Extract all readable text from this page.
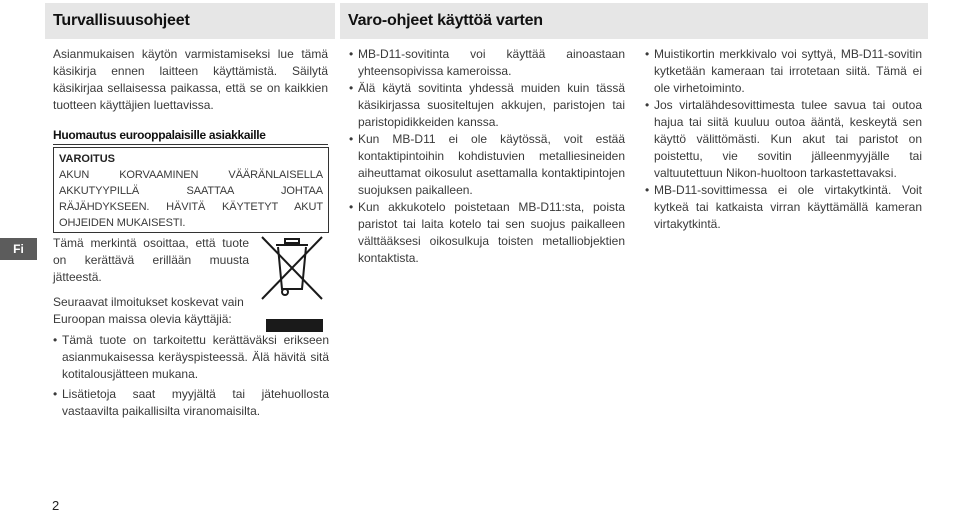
Turvallisuusohjeet	Varo-ohjeet käyttöä varten
Fi

Asianmukaisen käytön varmistamiseksi lue tämä käsikirja ennen laitteen käyttämistä. Säilytä käsikirjaa sellaisessa paikassa, että se on kaikkien tuotteen käyttäjien luettavissa.

Huomautus eurooppalaisille asiakkaille
VAROITUS
AKUN KORVAAMINEN VÄÄRÄNLAISELLA AKKUTYYPILLÄ SAATTAA JOHTAA RÄJÄHDYKSEEN. HÄVITÄ KÄYTETYT AKUT OHJEIDEN MUKAISESTI.

Tämä merkintä osoittaa, että tuote on kerättävä erillään muusta jätteestä.

Seuraavat ilmoitukset koskevat vain Euroopan maissa olevia käyttäjiä:

• Tämä tuote on tarkoitettu kerättäväksi erikseen asianmukaisessa keräyspisteessä. Älä hävitä sitä kotitalousjätteen mukana.
• Lisätietoja saat myyjältä tai jätehuollosta vastaavilta paikallisilta viranomaisilta.
• MB-D11-sovitinta voi käyttää ainoastaan yhteensopivissa kameroissa.
• Älä käytä sovitinta yhdessä muiden kuin tässä käsikirjassa suositeltujen akkujen, paristojen tai paristopidikkeiden kanssa.
• Kun MB-D11 ei ole käytössä, voit estää kontaktipintoihin kohdistuvien metalliesineiden aiheuttamat oikosulut asettamalla kontaktipintojen suojuksen paikalleen.
• Kun akkukotelo poistetaan MB-D11:sta, poista paristot tai laita kotelo tai sen suojus paikalleen välttääksesi oikosulkuja toisten metalliobjektien kontaktista.
• Muistikortin merkkivalo voi syttyä, MB-D11-sovitin kytketään kameraan tai irrotetaan siitä. Tämä ei ole virhetoiminto.
• Jos virtalähdesovittimesta tulee savua tai outoa hajua tai siitä kuuluu outoa ääntä, keskeytä sen käyttö välittömästi. Kun akut tai paristot on poistettu, vie sovitin jälleenmyyjälle tai valtuutettuun Nikon-huoltoon tarkastettavaksi.
• MB-D11-sovittimessa ei ole virtakytkintä. Voit kytkeä tai katkaista virran käyttämällä kameran virtakytkintä.
2
